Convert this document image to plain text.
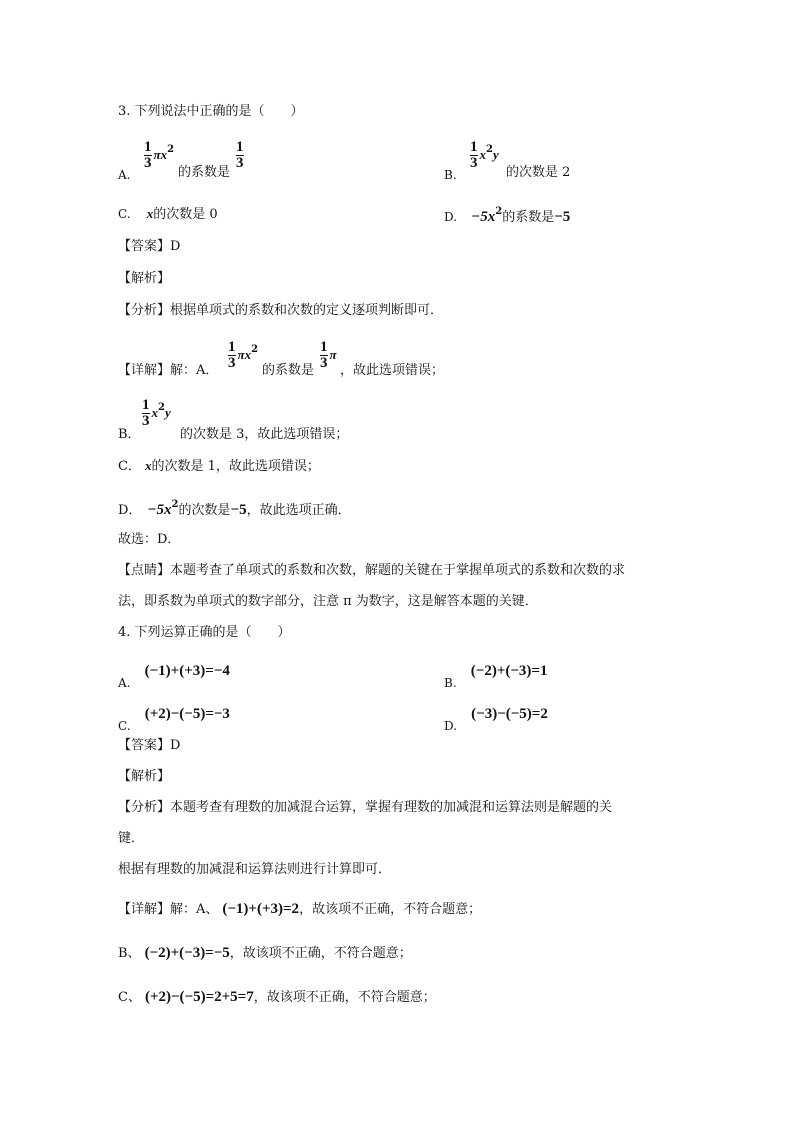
3. 下列说法中正确的是（　　）
A.
$\frac{1}{3} \pi x^2$
的系数是
$\frac{1}{3}$
B.
$\frac{1}{3} x^2y$
的次数是 2
C. x的次数是 0	D. $-5x^2$的系数是−5
【答案】D
【解析】
【分析】根据单项式的系数和次数的定义逐项判断即可．
【详解】解：A． $\frac{1}{3} \pi x^2$
的系数是 $\frac{1}{3}$ π
，故此选项错误；
B．
$\frac{1}{3} x^2y$
的次数是 3，故此选项错误；
C． x的次数是 1，故此选项错误；
D． $-5x^2$的次数是−5，故此选项正确．
故选：D．
【点睛】本题考查了单项式的系数和次数，解题的关键在于掌握单项式的系数和次数的求
法，即系数为单项式的数字部分，注意 π 为数字，这是解答本题的关键．
4. 下列运算正确的是（　　）
A. (−1)+(+3)=−4
B. (−2)+(−3)=1
C. (+2)−(−5)=−3
D. (−3)−(−5)=2
【答案】D
【解析】
【分析】本题考查有理数的加减混合运算，掌握有理数的加减混和运算法则是解题的关
键．
根据有理数的加减混和运算法则进行计算即可．
【详解】解：A、 (−1)+(+3)=2，故该项不正确，不符合题意；
B、 (−2)+(−3)=−5，故该项不正确，不符合题意；
C、 (+2)−(−5)=2+5=7，故该项不正确，不符合题意；
